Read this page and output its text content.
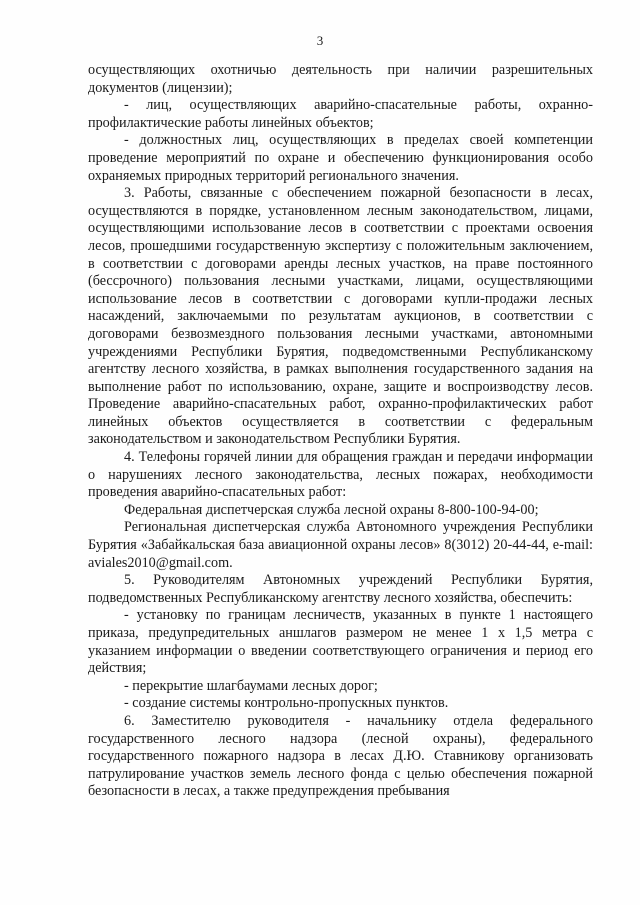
3

осуществляющих охотничью деятельность при наличии разрешительных документов (лицензии);

- лиц, осуществляющих аварийно-спасательные работы, охранно-профилактические работы линейных объектов;

- должностных лиц, осуществляющих в пределах своей компетенции проведение мероприятий по охране и обеспечению функционирования особо охраняемых природных территорий регионального значения.

3. Работы, связанные с обеспечением пожарной безопасности в лесах, осуществляются в порядке, установленном лесным законодательством, лицами, осуществляющими использование лесов в соответствии с проектами освоения лесов, прошедшими государственную экспертизу с положительным заключением, в соответствии с договорами аренды лесных участков, на праве постоянного (бессрочного) пользования лесными участками, лицами, осуществляющими использование лесов в соответствии с договорами купли-продажи лесных насаждений, заключаемыми по результатам аукционов, в соответствии с договорами безвозмездного пользования лесными участками, автономными учреждениями Республики Бурятия, подведомственными Республиканскому агентству лесного хозяйства, в рамках выполнения государственного задания на выполнение работ по использованию, охране, защите и воспроизводству лесов. Проведение аварийно-спасательных работ, охранно-профилактических работ линейных объектов осуществляется в соответствии с федеральным законодательством и законодательством Республики Бурятия.

4. Телефоны горячей линии для обращения граждан и передачи информации о нарушениях лесного законодательства, лесных пожарах, необходимости проведения аварийно-спасательных работ:

Федеральная диспетчерская служба лесной охраны 8-800-100-94-00;

Региональная диспетчерская служба Автономного учреждения Республики Бурятия «Забайкальская база авиационной охраны лесов» 8(3012) 20-44-44, e-mail: aviales2010@gmail.com.

5. Руководителям Автономных учреждений Республики Бурятия, подведомственных Республиканскому агентству лесного хозяйства, обеспечить:

- установку по границам лесничеств, указанных в пункте 1 настоящего приказа, предупредительных аншлагов размером не менее 1 х 1,5 метра с указанием информации о введении соответствующего ограничения и период его действия;

- перекрытие шлагбаумами лесных дорог;

- создание системы контрольно-пропускных пунктов.

6. Заместителю руководителя - начальнику отдела федерального государственного лесного надзора (лесной охраны), федерального государственного пожарного надзора в лесах Д.Ю. Ставникову организовать патрулирование участков земель лесного фонда с целью обеспечения пожарной безопасности в лесах, а также предупреждения пребывания
